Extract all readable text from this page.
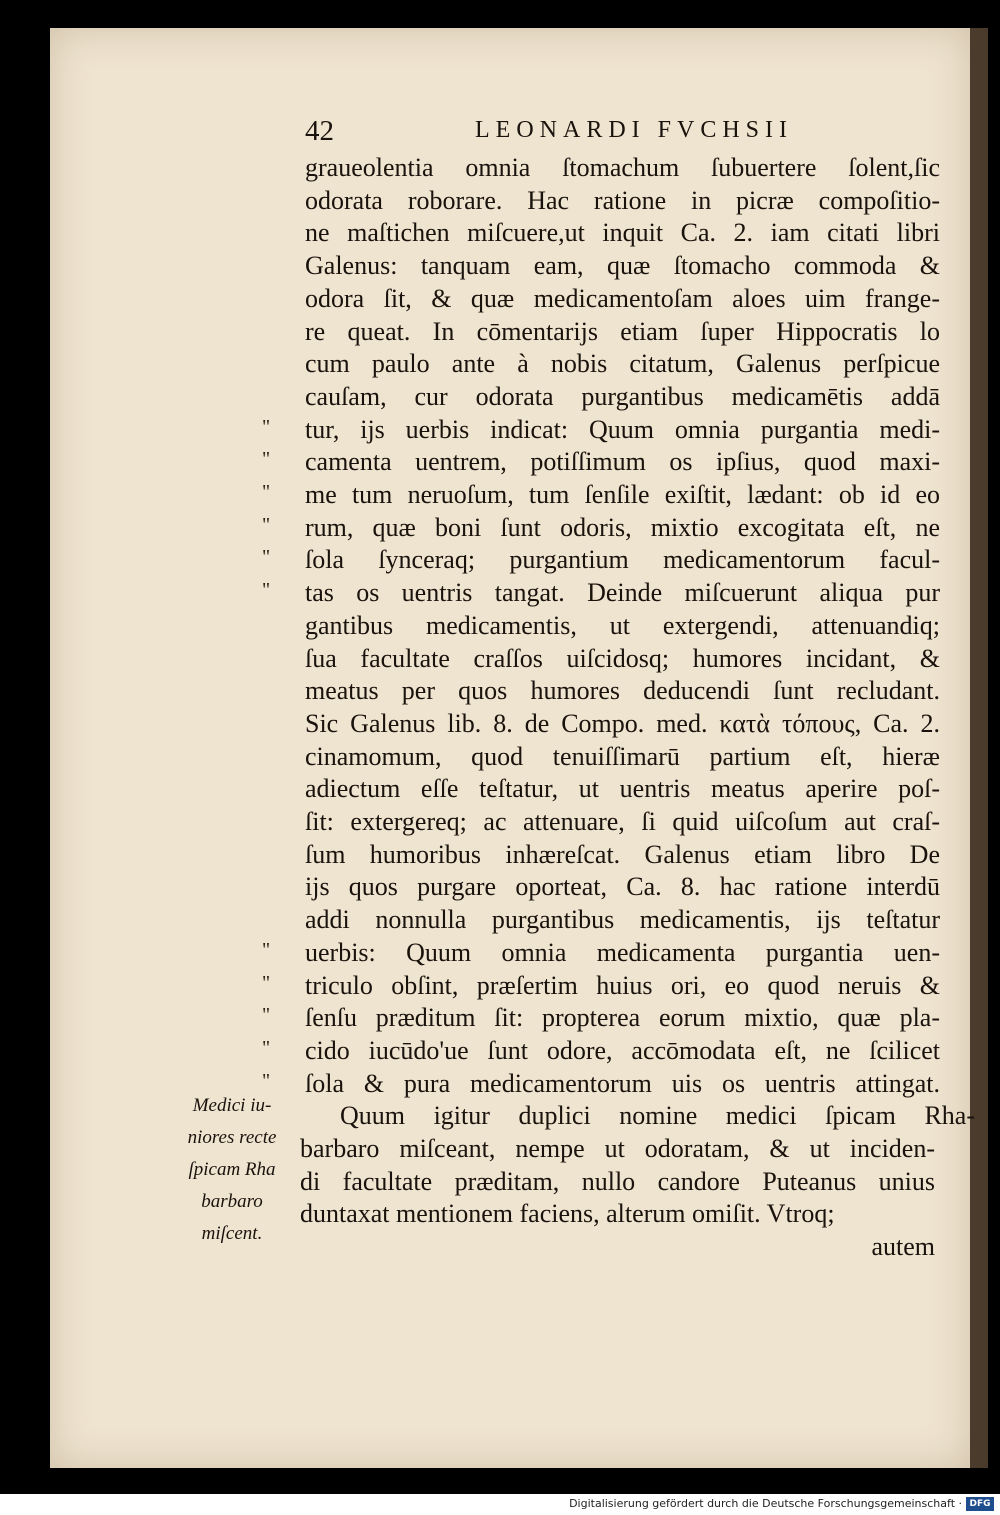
42	LEONARDI FVCHSII
graueolentia omnia ſtomachum ſubuertere ſolent,ſic
odorata roborare. Hac ratione in picræ compoſitio-
ne maſtichen miſcuere,ut inquit Ca. 2. iam citati libri
Galenus: tanquam eam, quæ ſtomacho commoda &
odora ſit, & quæ medicamentoſam aloes uim frange-
re queat. In cōmentarijs etiam ſuper Hippocratis lo
cum paulo ante à nobis citatum, Galenus perſpicue
cauſam, cur odorata purgantibus medicamētis addā
tur, ijs uerbis indicat: Quum omnia purgantia medi-
camenta uentrem, potiſſimum os ipſius, quod maxi-
me tum neruoſum, tum ſenſile exiſtit, lædant: ob id eo
rum, quæ boni ſunt odoris, mixtio excogitata eſt, ne
ſola ſynceraq; purgantium medicamentorum facul-
tas os uentris tangat. Deinde miſcuerunt aliqua pur
gantibus medicamentis, ut extergendi, attenuandiq;
ſua facultate craſſos uiſcidosq; humores incidant, &
meatus per quos humores deducendi ſunt recludant.
Sic Galenus lib. 8. de Compo. med. κατὰ τόπους, Ca. 2.
cinamomum, quod tenuiſſimarū partium eſt, hieræ
adiectum eſſe teſtatur, ut uentris meatus aperire poſ-
ſit: extergereq; ac attenuare, ſi quid uiſcoſum aut craſ-
ſum humoribus inhæreſcat. Galenus etiam libro De
ijs quos purgare oporteat, Ca. 8. hac ratione interdū
addi nonnulla purgantibus medicamentis, ijs teſtatur
uerbis: Quum omnia medicamenta purgantia uen-
triculo obſint, præſertim huius ori, eo quod neruis &
ſenſu præditum ſit: propterea eorum mixtio, quæ pla-
cido iucūdo'ue ſunt odore, accōmodata eſt, ne ſcilicet
ſola & pura medicamentorum uis os uentris attingat.
Quum igitur duplici nomine medici ſpicam Rha-
barbaro miſceant, nempe ut odoratam, & ut inciden-
di facultate præditam, nullo candore Puteanus unius
duntaxat mentionem faciens, alterum omiſit. Vtroq;
autem
"
"
"
"
"
"
"
"
"
"
"
Medici iu-
niores recte
ſpicam Rha
barbaro
miſcent.
Digitalisierung gefördert durch die Deutsche Forschungsgemeinschaft · DFG
